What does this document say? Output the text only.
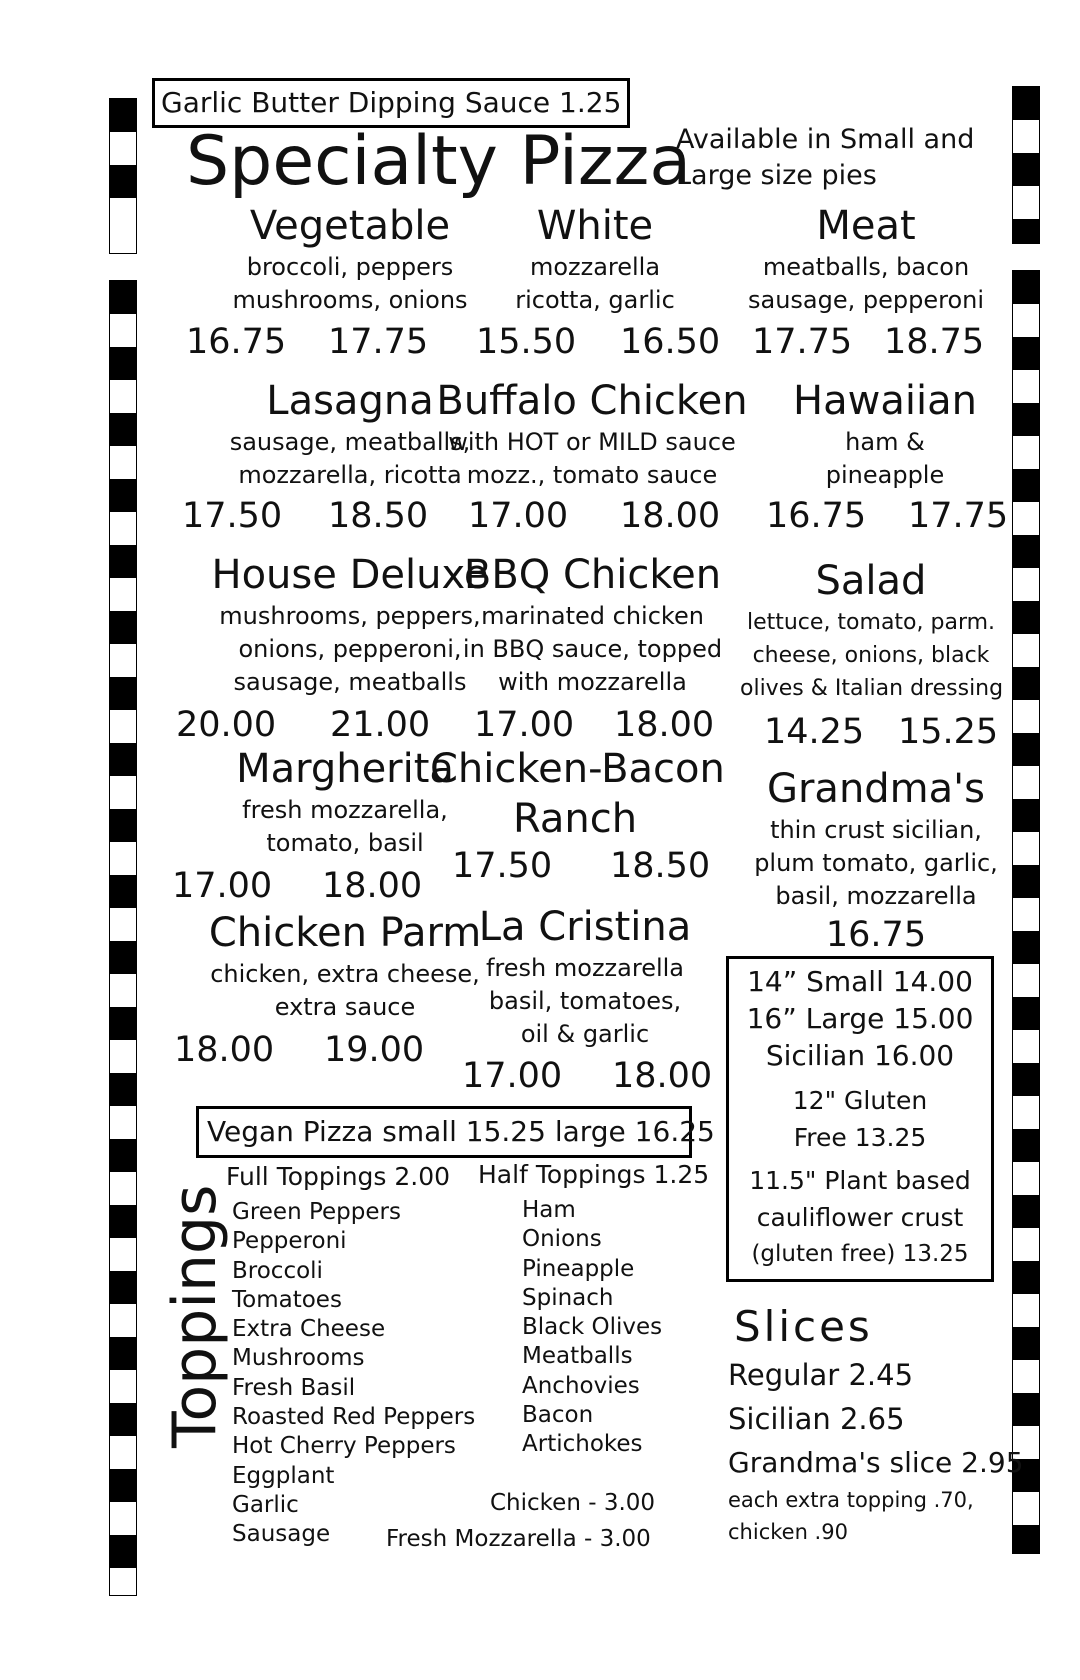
Garlic Butter Dipping Sauce 1.25
Specialty Pizza
Available in Small and
Large size pies
Vegetable
broccoli, peppers
mushrooms, onions
16.75 17.75
White
mozzarella
ricotta, garlic
15.50 16.50
Meat
meatballs, bacon
sausage, pepperoni
17.75 18.75
Lasagna
sausage, meatballs,
mozzarella, ricotta
17.50 18.50
Buffalo Chicken
with HOT or MILD sauce
mozz., tomato sauce
17.00 18.00
Hawaiian
ham &
pineapple
16.75 17.75
House Deluxe
mushrooms, peppers,
onions, pepperoni,
sausage, meatballs
20.00 21.00
BBQ Chicken
marinated chicken
in BBQ sauce, topped
with mozzarella
17.00 18.00
Salad
lettuce, tomato, parm.
cheese, onions, black
olives & Italian dressing
14.25 15.25
Margherita
fresh mozzarella,
tomato, basil
17.00 18.00
Chicken-Bacon
Ranch
17.50 18.50
Grandma's
thin crust sicilian,
plum tomato, garlic,
basil, mozzarella
16.75
Chicken Parm
chicken, extra cheese,
extra sauce
18.00 19.00
La Cristina
fresh mozzarella
basil, tomatoes,
oil & garlic
17.00 18.00
14” Small 14.00
16” Large 15.00
Sicilian 16.00
12" Gluten
Free 13.25
11.5" Plant based
cauliflower crust
(gluten free) 13.25
Vegan Pizza small 15.25 large 16.25
Toppings
Full Toppings 2.00 Half Toppings 1.25
Green Peppers
Pepperoni
Broccoli
Tomatoes
Extra Cheese
Mushrooms
Fresh Basil
Roasted Red Peppers
Hot Cherry Peppers
Eggplant
Garlic
Sausage
Ham
Onions
Pineapple
Spinach
Black Olives
Meatballs
Anchovies
Bacon
Artichokes
Chicken - 3.00
Fresh Mozzarella - 3.00
Slices
Regular 2.45
Sicilian 2.65
Grandma's slice 2.95
each extra topping .70,
chicken .90
